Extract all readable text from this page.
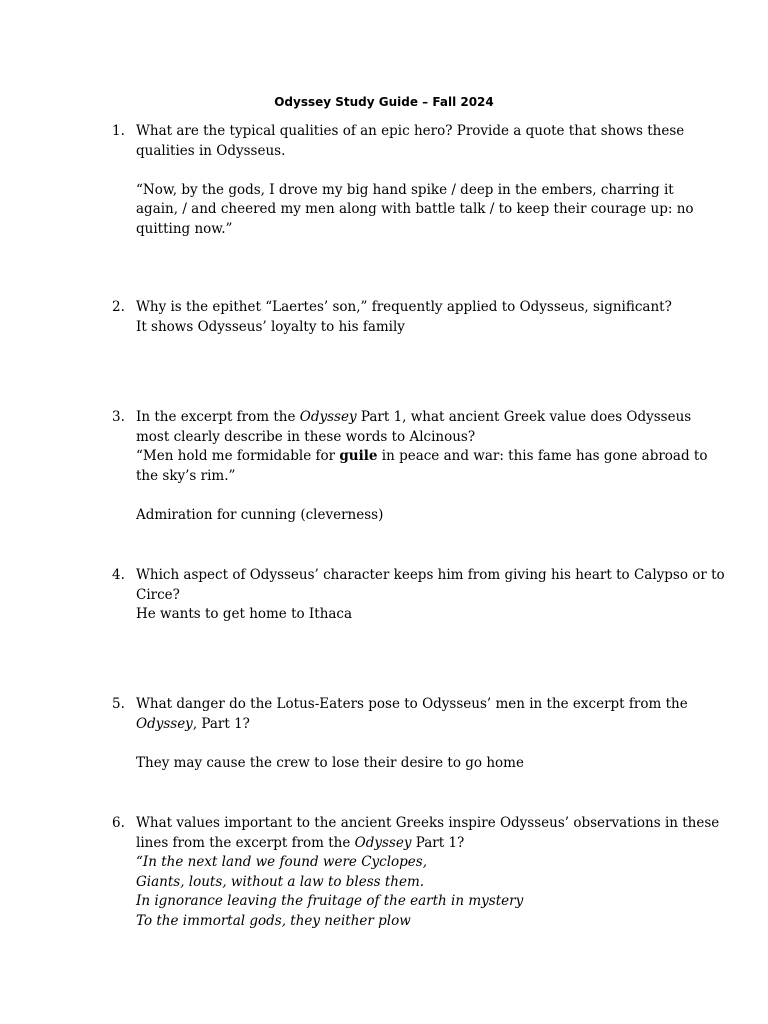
Odyssey Study Guide – Fall 2024
1. What are the typical qualities of an epic hero? Provide a quote that shows these
qualities in Odysseus.
“Now, by the gods, I drove my big hand spike / deep in the embers, charring it
again, / and cheered my men along with battle talk / to keep their courage up: no
quitting now.”
2. Why is the epithet “Laertes’ son,” frequently applied to Odysseus, significant?
It shows Odysseus’ loyalty to his family
3. In the excerpt from the Odyssey Part 1, what ancient Greek value does Odysseus
most clearly describe in these words to Alcinous?
“Men hold me formidable for guile in peace and war: this fame has gone abroad to
the sky’s rim.”
Admiration for cunning (cleverness)
4. Which aspect of Odysseus’ character keeps him from giving his heart to Calypso or to
Circe?
He wants to get home to Ithaca
5. What danger do the Lotus-Eaters pose to Odysseus’ men in the excerpt from the
Odyssey, Part 1?
They may cause the crew to lose their desire to go home
6. What values important to the ancient Greeks inspire Odysseus’ observations in these
lines from the excerpt from the Odyssey Part 1?
“In the next land we found were Cyclopes,
Giants, louts, without a law to bless them.
In ignorance leaving the fruitage of the earth in mystery
To the immortal gods, they neither plow
